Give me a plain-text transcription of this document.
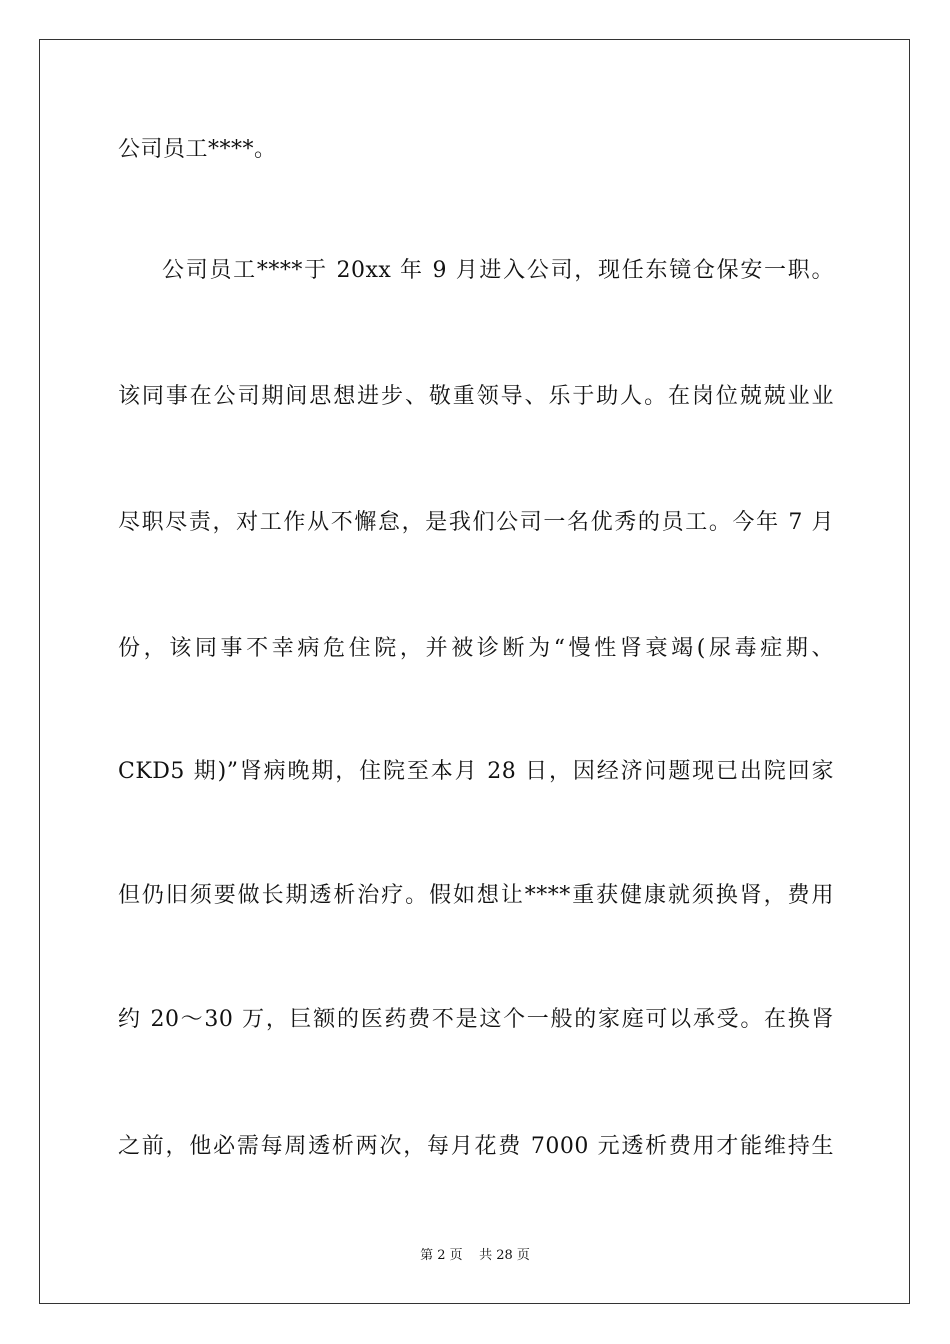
公司员工****。
公司员工****于 20xx 年 9 月进入公司，现任东镜仓保安一职。
该同事在公司期间思想进步、敬重领导、乐于助人。在岗位兢兢业业
尽职尽责，对工作从不懈怠，是我们公司一名优秀的员工。今年 7 月
份，该同事不幸病危住院，并被诊断为“慢性肾衰竭(尿毒症期、
CKD5 期)”肾病晚期，住院至本月 28 日，因经济问题现已出院回家
但仍旧须要做长期透析治疗。假如想让****重获健康就须换肾，费用
约 20～30 万，巨额的医药费不是这个一般的家庭可以承受。在换肾
之前，他必需每周透析两次，每月花费 7000 元透析费用才能维持生
第 2 页    共 28 页
